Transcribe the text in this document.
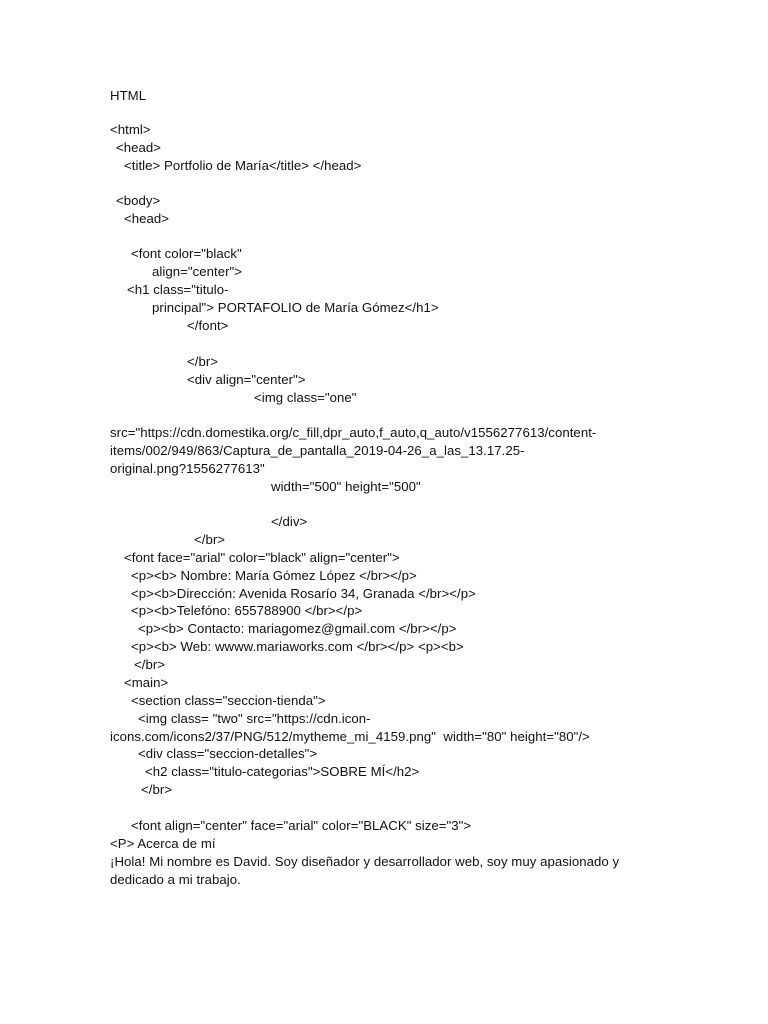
HTML
<html>
<head>
<title> Portfolio de María</title> </head>
<body>
<head>
<font color="black"
align="center">
<h1 class="titulo-
principal"> PORTAFOLIO de María Gómez</h1>
</font>
</br>
<div align="center">
<img class="one"
src="https://cdn.domestika.org/c_fill,dpr_auto,f_auto,q_auto/v1556277613/content-
items/002/949/863/Captura_de_pantalla_2019-04-26_a_las_13.17.25-
original.png?1556277613"
width="500" height="500"
</div>
</br>
<font face="arial" color="black" align="center">
<p><b> Nombre: María Gómez López </br></p>
<p><b>Dirección: Avenida Rosarío 34, Granada </br></p>
<p><b>Telefóno: 655788900 </br></p>
<p><b> Contacto: mariagomez@gmail.com </br></p>
<p><b> Web: wwww.mariaworks.com </br></p> <p><b>
</br>
<main>
<section class="seccion-tienda">
<img class= "two" src="https://cdn.icon-
icons.com/icons2/37/PNG/512/mytheme_mi_4159.png"  width="80" height="80"/>
<div class="seccion-detalles">
<h2 class="titulo-categorias">SOBRE MÍ</h2>
</br>
<font align="center" face="arial" color="BLACK" size="3">
<P> Acerca de mí
¡Hola! Mi nombre es David. Soy diseñador y desarrollador web, soy muy apasionado y
dedicado a mi trabajo.
